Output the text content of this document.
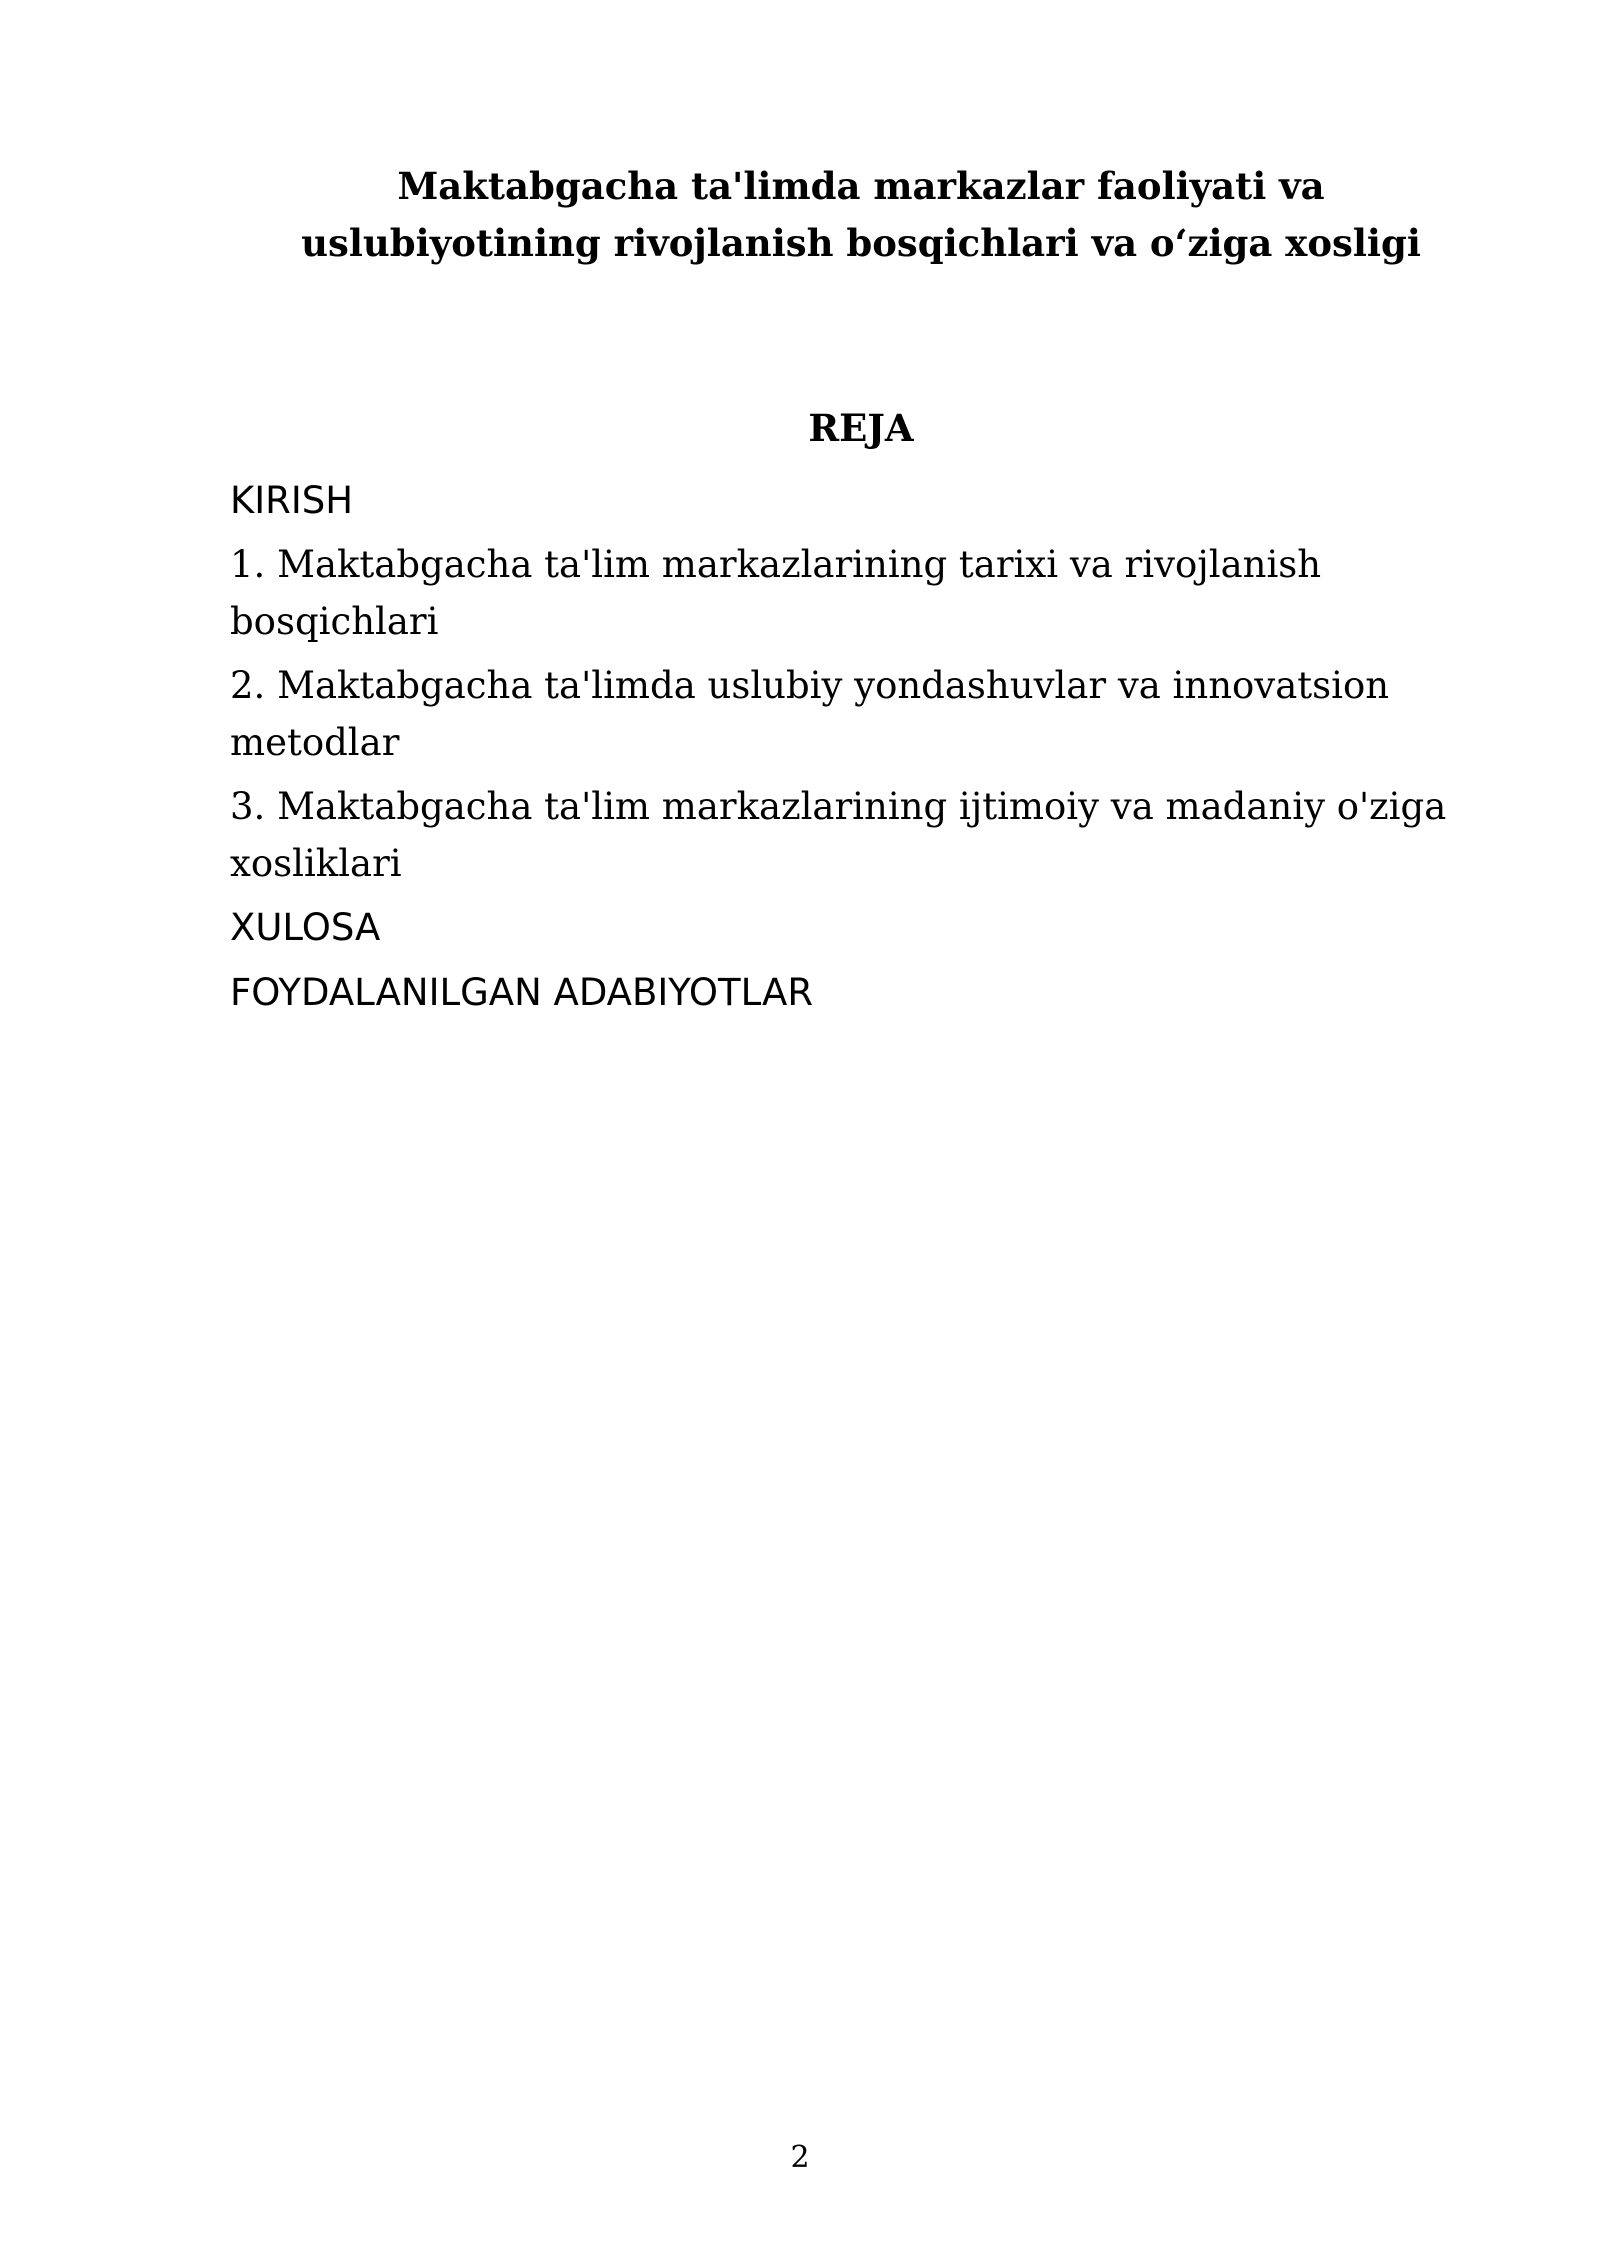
Maktabgacha ta'limda markazlar faoliyati va
uslubiyotining rivojlanish bosqichlari va o‘ziga xosligi
REJA

KIRISH

1. Maktabgacha ta'lim markazlarining tarixi va rivojlanish
bosqichlari

2. Maktabgacha ta'limda uslubiy yondashuvlar va innovatsion
metodlar

3. Maktabgacha ta'lim markazlarining ijtimoiy va madaniy o'ziga
xosliklari

XULOSA

FOYDALANILGAN ADABIYOTLAR

2
